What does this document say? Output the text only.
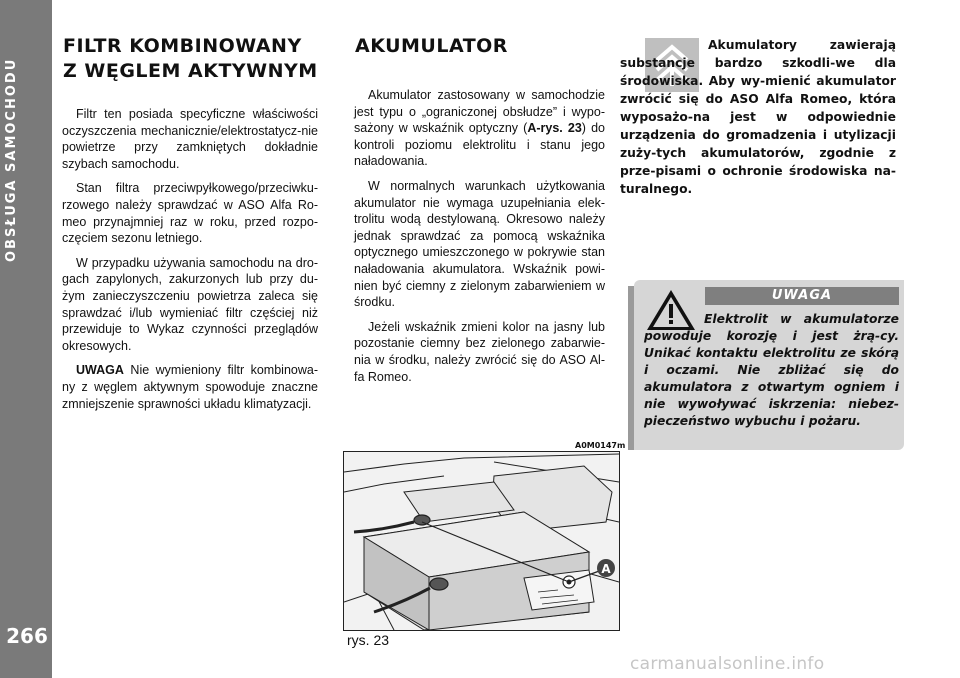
OBSŁUGA SAMOCHODU
266
FILTR KOMBINOWANY
Z WĘGLEM AKTYWNYM

Filtr ten posiada specyficzne właściwości oczyszczenia mechanicznie/elektrostatycz-nie powietrze przy zamkniętych dokładnie szybach samochodu.

Stan filtra przeciwpyłkowego/przeciwku-rzowego należy sprawdzać w ASO Alfa Ro-meo przynajmniej raz w roku, przed rozpo-częciem sezonu letniego.

W przypadku używania samochodu na dro-gach zapylonych, zakurzonych lub przy du-żym zanieczyszczeniu powietrza zaleca się sprawdzać i/lub wymieniać filtr częściej niż przewiduje to Wykaz czynności przeglądów okresowych.

UWAGA Nie wymieniony filtr kombinowa-ny z węglem aktywnym spowoduje znaczne zmniejszenie sprawności układu klimatyzacji.

AKUMULATOR

Akumulator zastosowany w samochodzie jest typu o „ograniczonej obsłudze” i wypo-sażony w wskaźnik optyczny (A-rys. 23) do kontroli poziomu elektrolitu i stanu jego naładowania.

W normalnych warunkach użytkowania akumulator nie wymaga uzupełniania elek-trolitu wodą destylowaną. Okresowo należy jednak sprawdzać za pomocą wskaźnika optycznego umieszczonego w pokrywie stan naładowania akumulatora. Wskaźnik powi-nien być ciemny z zielonym zabarwieniem w środku.

Jeżeli wskaźnik zmieni kolor na jasny lub pozostanie ciemny bez zielonego zabarwie-nia w środku, należy zwrócić się do ASO Al-fa Romeo.

Akumulatory zawierają substancje bardzo szkodli-we dla środowiska. Aby wy-mienić akumulator zwrócić się do ASO Alfa Romeo, która wyposażo-na jest w odpowiednie urządzenia do gromadzenia i utylizacji zuży-tych akumulatorów, zgodnie z prze-pisami o ochronie środowiska na-turalnego.
UWAGA
Elektrolit w akumulatorze powoduje korozję i jest żrą-cy. Unikać kontaktu elektrolitu ze skórą i oczami. Nie zbliżać się do akumulatora z otwartym ogniem i nie wywoływać iskrzenia: niebez-pieczeństwo wybuchu i pożaru.
A0M0147m
A
rys. 23
carmanualsonline.info
